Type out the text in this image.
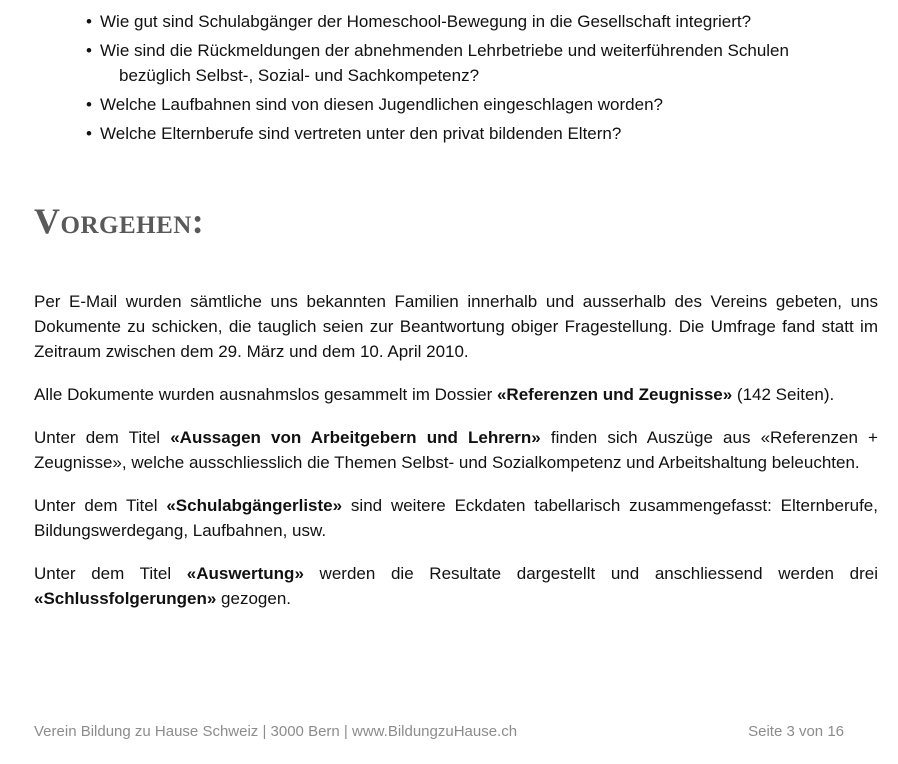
• Wie gut sind Schulabgänger der Homeschool-Bewegung in die Gesellschaft integriert?
• Wie sind die Rückmeldungen der abnehmenden Lehrbetriebe und weiterführenden Schulen
bezüglich Selbst-, Sozial- und Sachkompetenz?
• Welche Laufbahnen sind von diesen Jugendlichen eingeschlagen worden?
• Welche Elternberufe sind vertreten unter den privat bildenden Eltern?
Vorgehen:

Per E-Mail wurden sämtliche uns bekannten Familien innerhalb und ausserhalb des Vereins gebeten, uns Dokumente zu schicken, die tauglich seien zur Beantwortung obiger Fragestellung. Die Umfrage fand statt im Zeitraum zwischen dem 29. März und dem 10. April 2010.

Alle Dokumente wurden ausnahmslos gesammelt im Dossier «Referenzen und Zeugnisse» (142 Seiten).

Unter dem Titel «Aussagen von Arbeitgebern und Lehrern» finden sich Auszüge aus «Referenzen + Zeugnisse», welche ausschliesslich die Themen Selbst- und Sozialkompetenz und Arbeitshaltung beleuchten.

Unter dem Titel «Schulabgängerliste» sind weitere Eckdaten tabellarisch zusammengefasst: Elternberufe, Bildungswerdegang, Laufbahnen, usw.

Unter dem Titel «Auswertung» werden die Resultate dargestellt und anschliessend werden drei «Schlussfolgerungen» gezogen.

Verein Bildung zu Hause Schweiz | 3000 Bern | www.BildungzuHause.ch	Seite 3 von 16
